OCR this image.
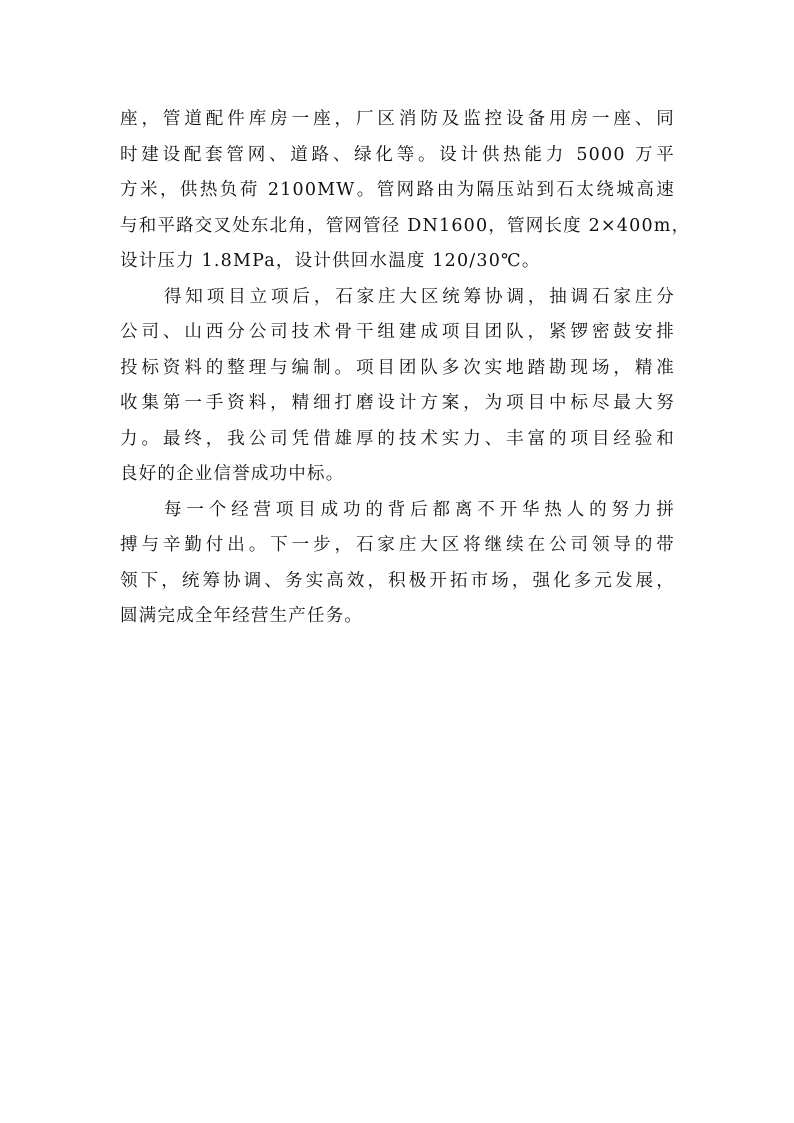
座，管道配件库房一座，厂区消防及监控设备用房一座、同
时建设配套管网、道路、绿化等。设计供热能力 5000 万平
方米，供热负荷 2100MW。管网路由为隔压站到石太绕城高速
与和平路交叉处东北角，管网管径 DN1600，管网长度 2×400m，
设计压力 1.8MPa，设计供回水温度 120/30℃。
得知项目立项后，石家庄大区统筹协调，抽调石家庄分
公司、山西分公司技术骨干组建成项目团队，紧锣密鼓安排
投标资料的整理与编制。项目团队多次实地踏勘现场，精准
收集第一手资料，精细打磨设计方案，为项目中标尽最大努
力。最终，我公司凭借雄厚的技术实力、丰富的项目经验和
良好的企业信誉成功中标。
每一个经营项目成功的背后都离不开华热人的努力拼
搏与辛勤付出。下一步，石家庄大区将继续在公司领导的带
领下，统筹协调、务实高效，积极开拓市场，强化多元发展，
圆满完成全年经营生产任务。
